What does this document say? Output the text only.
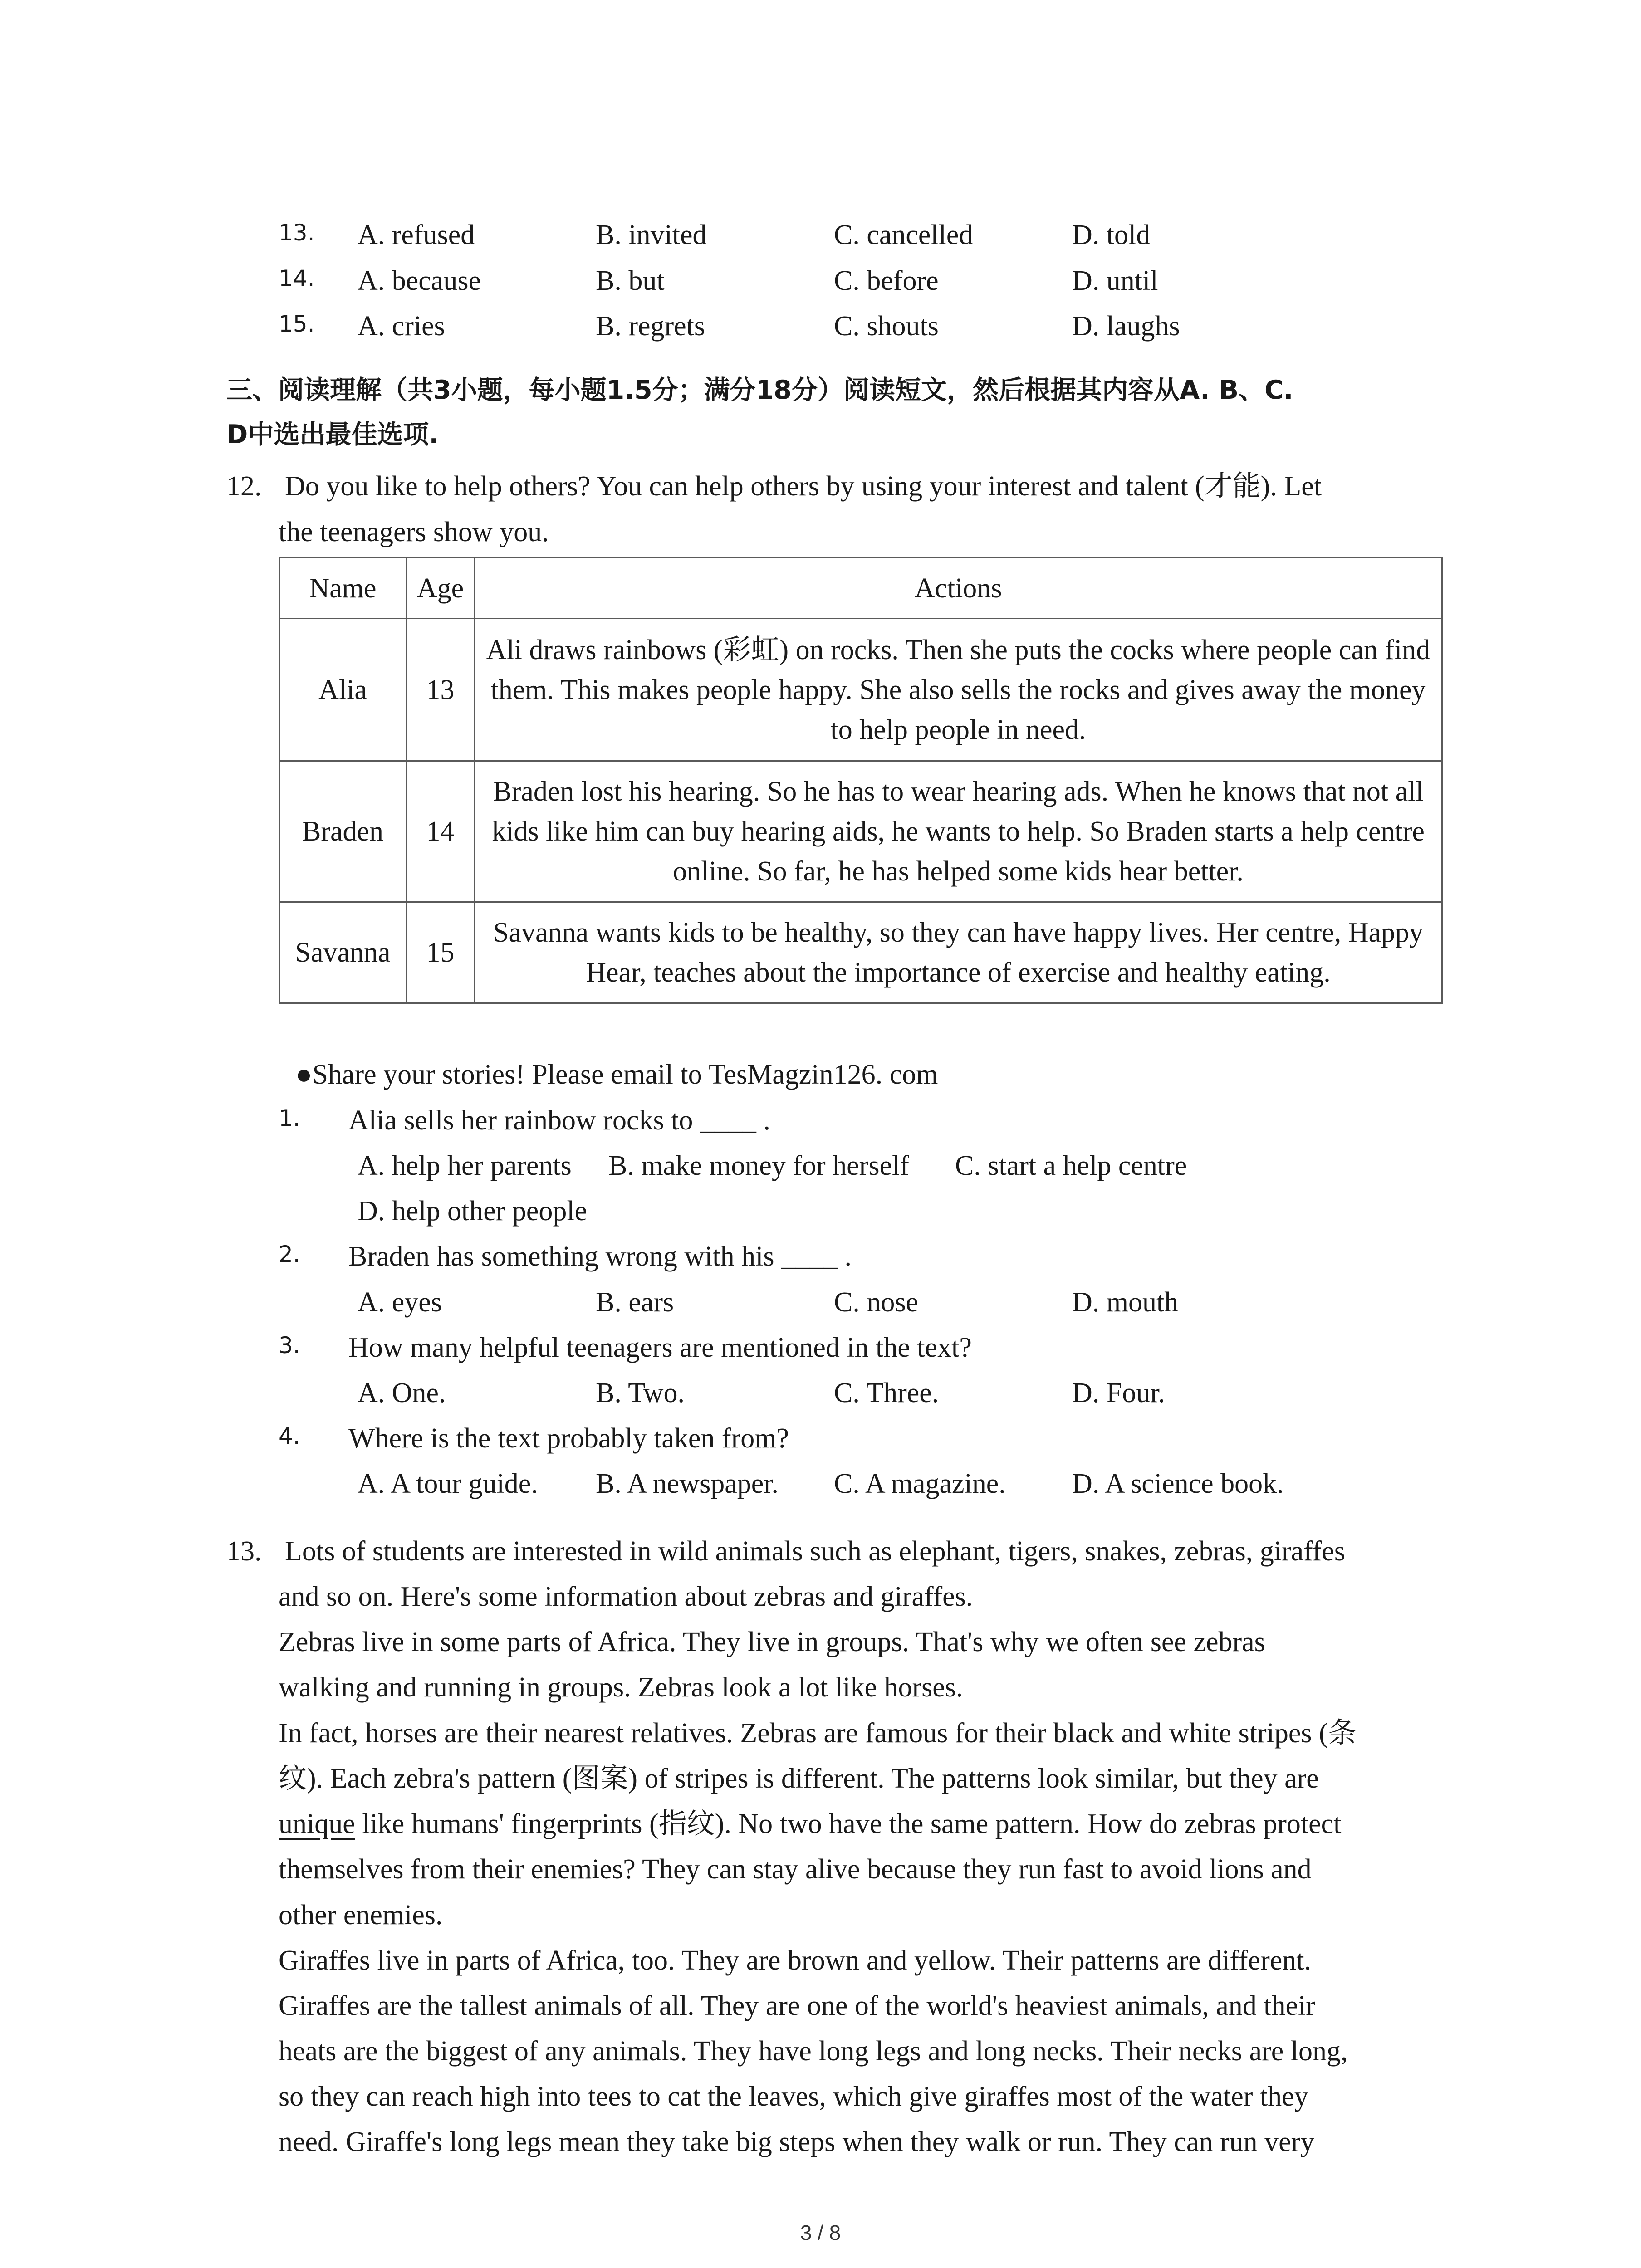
13. A. refused	B. invited	C. cancelled	D. told
14. A. because	B. but	C. before	D. until
15. A. cries	B. regrets	C. shouts	D. laughs
三、阅读理解（共3小题，每小题1.5分；满分18分）阅读短文，然后根据其内容从A. B、C.
D中选出最佳选项.
12. Do you like to help others? You can help others by using your interest and talent (才能). Let
the teenagers show you.
Name	Age	Actions
Alia	13	Ali draws rainbows (彩虹) on rocks. Then she puts the cocks where people can find them. This makes people happy. She also sells the rocks and gives away the money to help people in need.
Braden	14	Braden lost his hearing. So he has to wear hearing ads. When he knows that not all kids like him can buy hearing aids, he wants to help. So Braden starts a help centre online. So far, he has helped some kids hear better.
Savanna	15	Savanna wants kids to be healthy, so they can have happy lives. Her centre, Happy Hear, teaches about the importance of exercise and healthy eating.
●Share your stories! Please email to TesMagzin126. com
1. Alia sells her rainbow rocks to ____ .
A. help her parents B. make money for herself C. start a help centre
D. help other people
2. Braden has something wrong with his ____ .
A. eyes	B. ears	C. nose	D. mouth
3. How many helpful teenagers are mentioned in the text?
A. One.	B. Two.	C. Three.	D. Four.
4. Where is the text probably taken from?
A. A tour guide. B. A newspaper. C. A magazine. D. A science book.
13. Lots of students are interested in wild animals such as elephant, tigers, snakes, zebras, giraffes
and so on. Here's some information about zebras and giraffes.
Zebras live in some parts of Africa. They live in groups. That's why we often see zebras
walking and running in groups. Zebras look a lot like horses.
In fact, horses are their nearest relatives. Zebras are famous for their black and white stripes (条
纹). Each zebra's pattern (图案) of stripes is different. The patterns look similar, but they are
unique like humans' fingerprints (指纹). No two have the same pattern. How do zebras protect
themselves from their enemies? They can stay alive because they run fast to avoid lions and
other enemies.
Giraffes live in parts of Africa, too. They are brown and yellow. Their patterns are different.
Giraffes are the tallest animals of all. They are one of the world's heaviest animals, and their
heats are the biggest of any animals. They have long legs and long necks. Their necks are long,
so they can reach high into tees to cat the leaves, which give giraffes most of the water they
need. Giraffe's long legs mean they take big steps when they walk or run. They can run very
3 / 8
